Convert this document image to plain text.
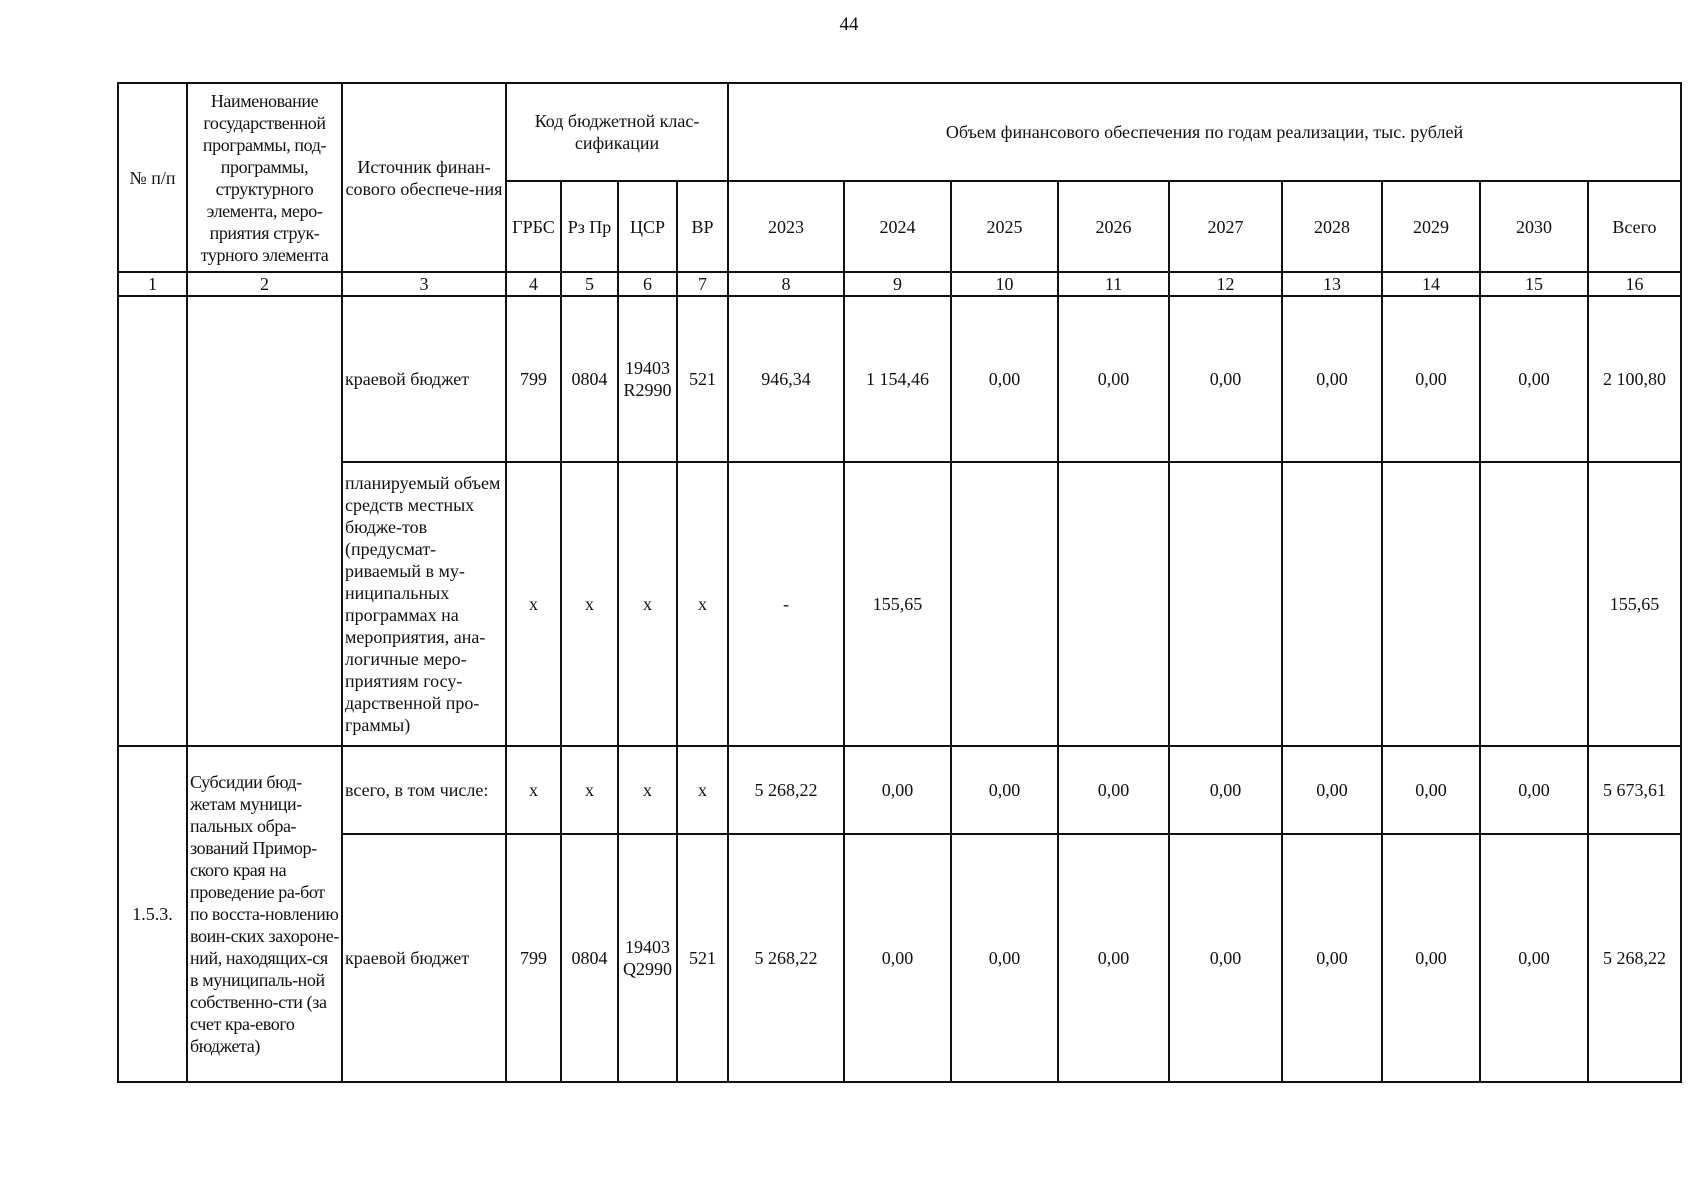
44
№ п/п	Наименование государственной программы, под-программы, структурного элемента, меро-приятия струк-турного элемента	Источник финан-сового обеспече-ния	Код бюджетной клас-сификации				Объем финансового обеспечения по годам реализации, тыс. рублей								
			ГРБС	Рз Пр	ЦСР	ВР	2023	2024	2025	2026	2027	2028	2029	2030	Всего
1	2	3	4	5	6	7	8	9	10	11	12	13	14	15	16
		краевой бюджет	799	0804	19403 R2990	521	946,34	1 154,46	0,00	0,00	0,00	0,00	0,00	0,00	2 100,80
		планируемый объем средств местных бюдже-тов (предусмат-риваемый в му-ниципальных программах на мероприятия, ана-логичные меро-приятиям госу-дарственной про-граммы)	x	x	x	x	-	155,65							155,65
1.5.3.	Субсидии бюд-жетам муници-пальных обра-зований Примор-ского края на проведение ра-бот по восста-новлению воин-ских захороне-ний, находящих-ся в муниципаль-ной собственно-сти (за счет кра-евого бюджета)	всего, в том числе:	x	x	x	x	5 268,22	0,00	0,00	0,00	0,00	0,00	0,00	0,00	5 673,61
		краевой бюджет	799	0804	19403 Q2990	521	5 268,22	0,00	0,00	0,00	0,00	0,00	0,00	0,00	5 268,22
